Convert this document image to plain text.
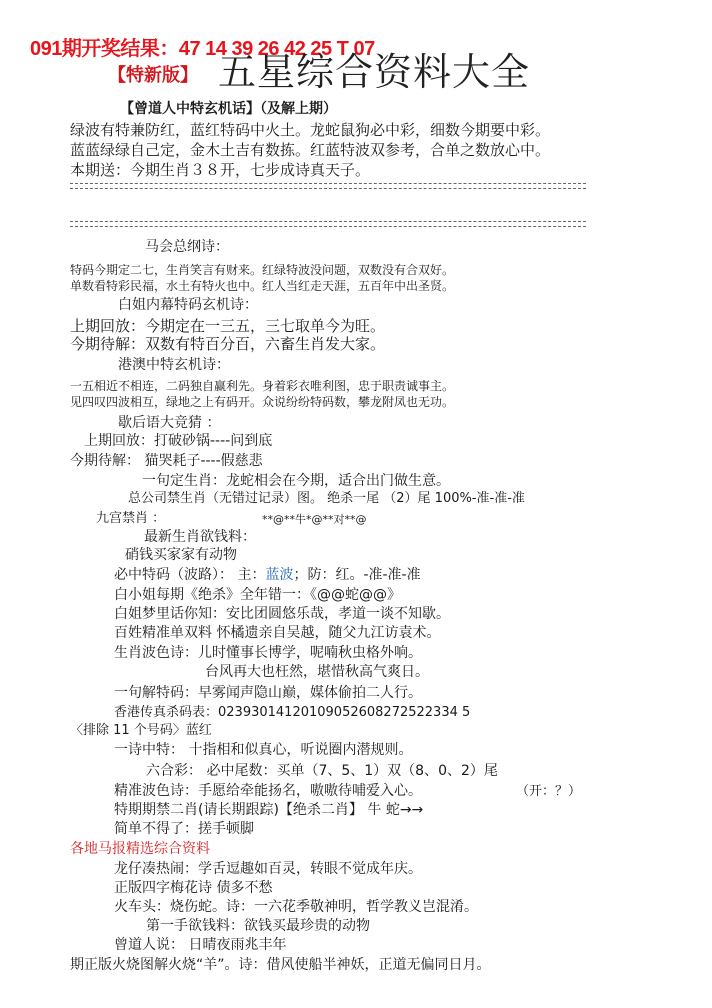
091期开奖结果：47 14 39 26 42 25 T 07
【特新版】 五星综合资料大全
【曾道人中特玄机话】（及解上期）
绿波有特兼防红，蓝红特码中火土。龙蛇鼠狗必中彩，细数今期要中彩。
蓝蓝绿绿自己定，金木土吉有数拣。红蓝特波双参考，合单之数放心中。
本期送：今期生肖３８开，七步成诗真天子。
马会总纲诗：
特码今期定二七，生肖笑言有财来。红绿特波没问题，双数没有合双好。
单数看特彩民福，水土有特火也中。红人当红走天涯，五百年中出圣贤。
白姐内幕特码玄机诗：
上期回放：今期定在一三五，三七取单今为旺。
今期待解：双数有特百分百，六畜生肖发大家。
港澳中特玄机诗：
一五相近不相连，二码独自赢利先。身着彩衣唯利图，忠于职责诚事主。
见四叹四波相互，绿地之上有码开。众说纷纷特码数，攀龙附凤也无功。
歇后语大竞猜 ：
上期回放：打破砂锅----问到底
今期待解： 猫哭耗子----假慈悲
一句定生肖：龙蛇相会在今期，适合出门做生意。
总公司禁生肖（无错过记录）图。 绝杀一尾 （2）尾 100%-准-准-准
九宫禁肖 ：	**@**牛*@**对**@
最新生肖欲钱料：
硝钱买家家有动物
必中特码（波路）： 主：蓝波；防：红。-准-准-准
白小姐每期《绝杀》全年错一：《@@蛇@@》
白姐梦里话你知：安比团圆悠乐哉，孝道一谈不知歇。
百姓精准单双料 怀橘遗亲自吴越，随父九江访袁术。
生肖波色诗：儿时懂事长博学，呢喃秋虫格外响。
台风再大也枉然，堪惜秋高气爽日。
一句解特码：早雾闻声隐山巅，媒体偷拍二人行。
香港传真杀码表：02393014120109052608272522334 5
〈排除 11 个号码〉蓝红
一诗中特： 十指相和似真心，听说圈内潜规则。
六合彩： 必中尾数：买单（7、5、1）双（8、0、2）尾
精准波色诗：手愿给牵能扬名，嗷嗷待哺爱入心。	（开：？）
特期期禁二肖(请长期跟踪)【绝杀二肖】 牛 蛇→→
简单不得了：搓手顿脚
各地马报精选综合资料
龙仔凑热闹：学舌逗趣如百灵，转眼不觉成年庆。
正版四字梅花诗 债多不愁
火车头：烧伤蛇。诗：一六花季敬神明，哲学教义岂混淆。
第一手欲钱料：欲钱买最珍贵的动物
曾道人说： 日晴夜雨兆丰年
期正版火烧图解火烧“羊”。诗：借风使船半神妖，正道无偏同日月。
